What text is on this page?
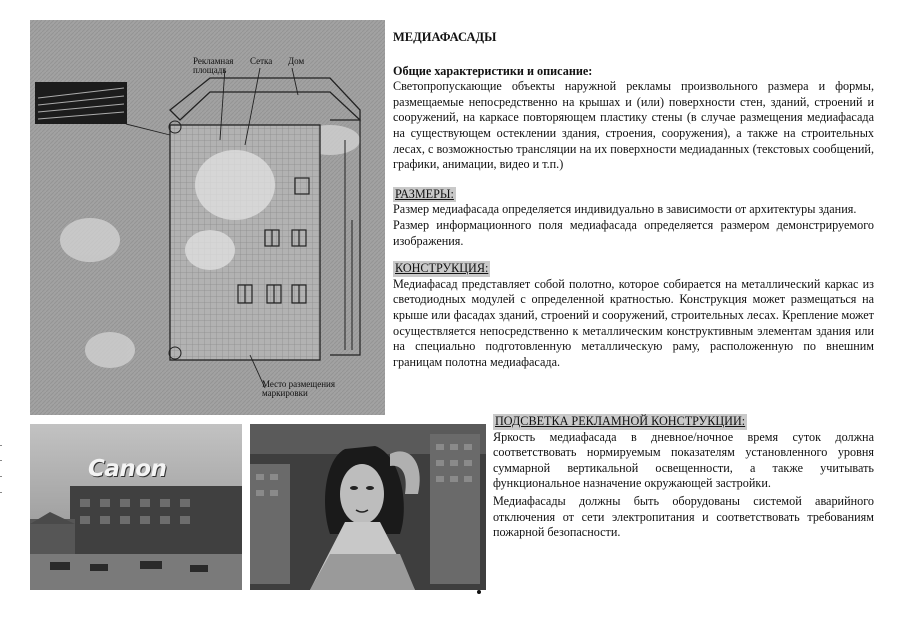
Рекламная площадь
Сетка Дом
Место размещения маркировки
Canon
МЕДИАФАСАДЫ
Общие характеристики и описание:
Светопропускающие объекты наружной рекламы произвольного размера и формы, размещаемые непосредственно на крышах и (или) поверхности стен, зданий, строений и сооружений, на каркасе повторяющем пластику стены (в случае размещения медиафасада на существующем остеклении здания, строения, сооружения), а также на строительных лесах, с возможностью трансляции на их поверхности медиаданных (текстовых сообщений, графики, анимации, видео и т.п.)
РАЗМЕРЫ:
Размер медиафасада определяется индивидуально в зависимости от архитектуры здания.
Размер информационного поля медиафасада определяется размером демонстрируемого изображения.
КОНСТРУКЦИЯ:
Медиафасад представляет собой полотно, которое собирается на металлический каркас из светодиодных модулей с определенной кратностью. Конструкция может размещаться на крыше или фасадах зданий, строений и сооружений, строительных лесах. Крепление может осуществляется непосредственно к металлическим конструктивным элементам здания или на специально подготовленную металлическую раму, расположенную по внешним границам полотна медиафасада.
ПОДСВЕТКА РЕКЛАМНОЙ КОНСТРУКЦИИ:
Яркость медиафасада в дневное/ночное время суток должна соответствовать нормируемым показателям установленного уровня суммарной вертикальной освещенности, а также учитывать функциональное назначение окружающей застройки.
Медиафасады должны быть оборудованы системой аварийного отключения от сети электропитания и соответствовать требованиям пожарной безопасности.
